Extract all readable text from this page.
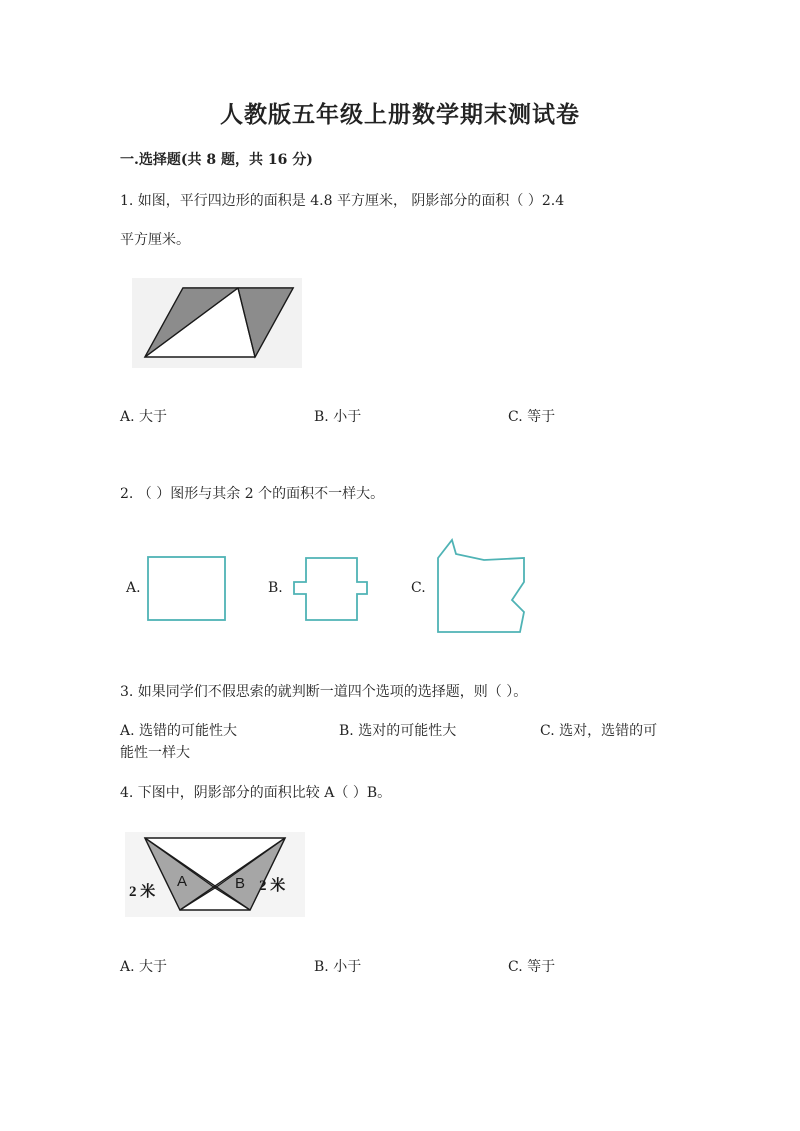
人教版五年级上册数学期末测试卷
一.选择题(共 8 题，共 16 分)
1. 如图，平行四边形的面积是 4.8 平方厘米， 阴影部分的面积（ ）2.4
平方厘米。
A. 大于	B. 小于	C. 等于
2. （ ）图形与其余 2 个的面积不一样大。
A.	B.	C.
3. 如果同学们不假思索的就判断一道四个选项的选择题，则（ ）。
A. 选错的可能性大	B. 选对的可能性大	C. 选对，选错的可
能性一样大
4. 下图中，阴影部分的面积比较 A（ ）B。
2 米
A	B 2 米
A. 大于	B. 小于	C. 等于
